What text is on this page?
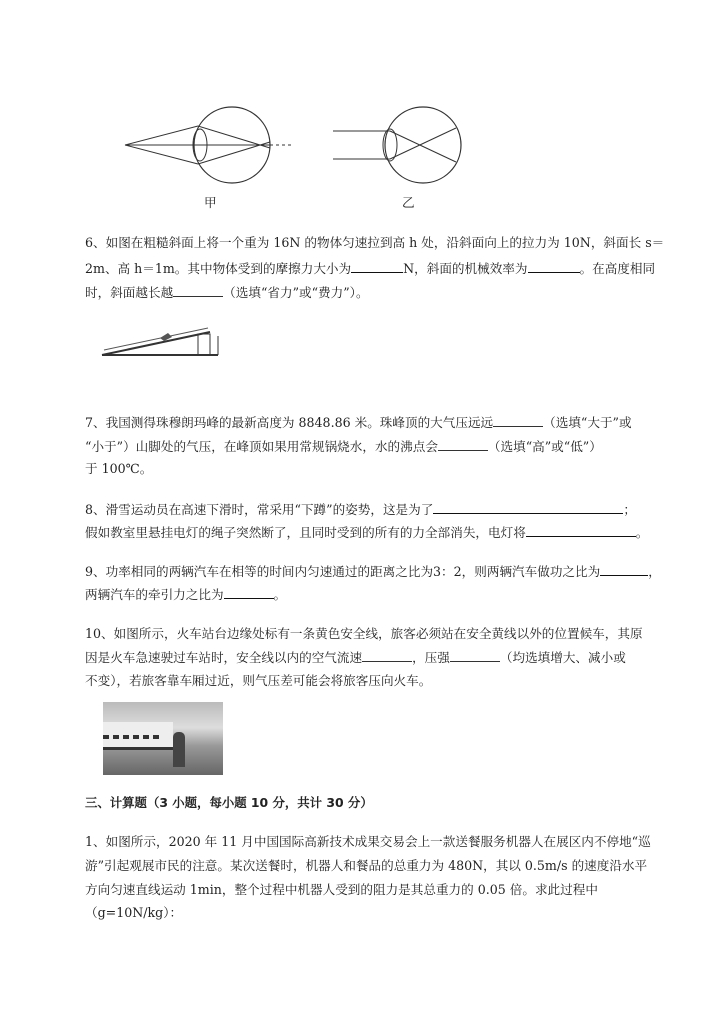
甲	乙
6、如图在粗糙斜面上将一个重为 16N 的物体匀速拉到高 h 处，沿斜面向上的拉力为 10N，斜面长 s＝
2m、高 h＝1m。其中物体受到的摩擦力大小为	N，斜面的机械效率为	。在高度相同
时，斜面越长越	（选填“省力”或“费力”）。
7、我国测得珠穆朗玛峰的最新高度为 8848.86 米。珠峰顶的大气压远远	（选填“大于”或
“小于”）山脚处的气压，在峰顶如果用常规锅烧水，水的沸点会	（选填“高”或“低”）
于 100℃。
8、滑雪运动员在高速下滑时，常采用“下蹲”的姿势，这是为了	；
假如教室里悬挂电灯的绳子突然断了，且同时受到的所有的力全部消失，电灯将	。
9、功率相同的两辆汽车在相等的时间内匀速通过的距离之比为3：2，则两辆汽车做功之比为	，
两辆汽车的牵引力之比为	。
10、如图所示，火车站台边缘处标有一条黄色安全线，旅客必须站在安全黄线以外的位置候车，其原
因是火车急速驶过车站时，安全线以内的空气流速	，压强	（均选填增大、减小或
不变），若旅客靠车厢过近，则气压差可能会将旅客压向火车。
三、计算题（3 小题，每小题 10 分，共计 30 分）
1、如图所示，2020 年 11 月中国国际高新技术成果交易会上一款送餐服务机器人在展区内不停地“巡
游”引起观展市民的注意。某次送餐时，机器人和餐品的总重力为 480N，其以 0.5m/s 的速度沿水平
方向匀速直线运动 1min，整个过程中机器人受到的阻力是其总重力的 0.05 倍。求此过程中
（g=10N/kg）：
